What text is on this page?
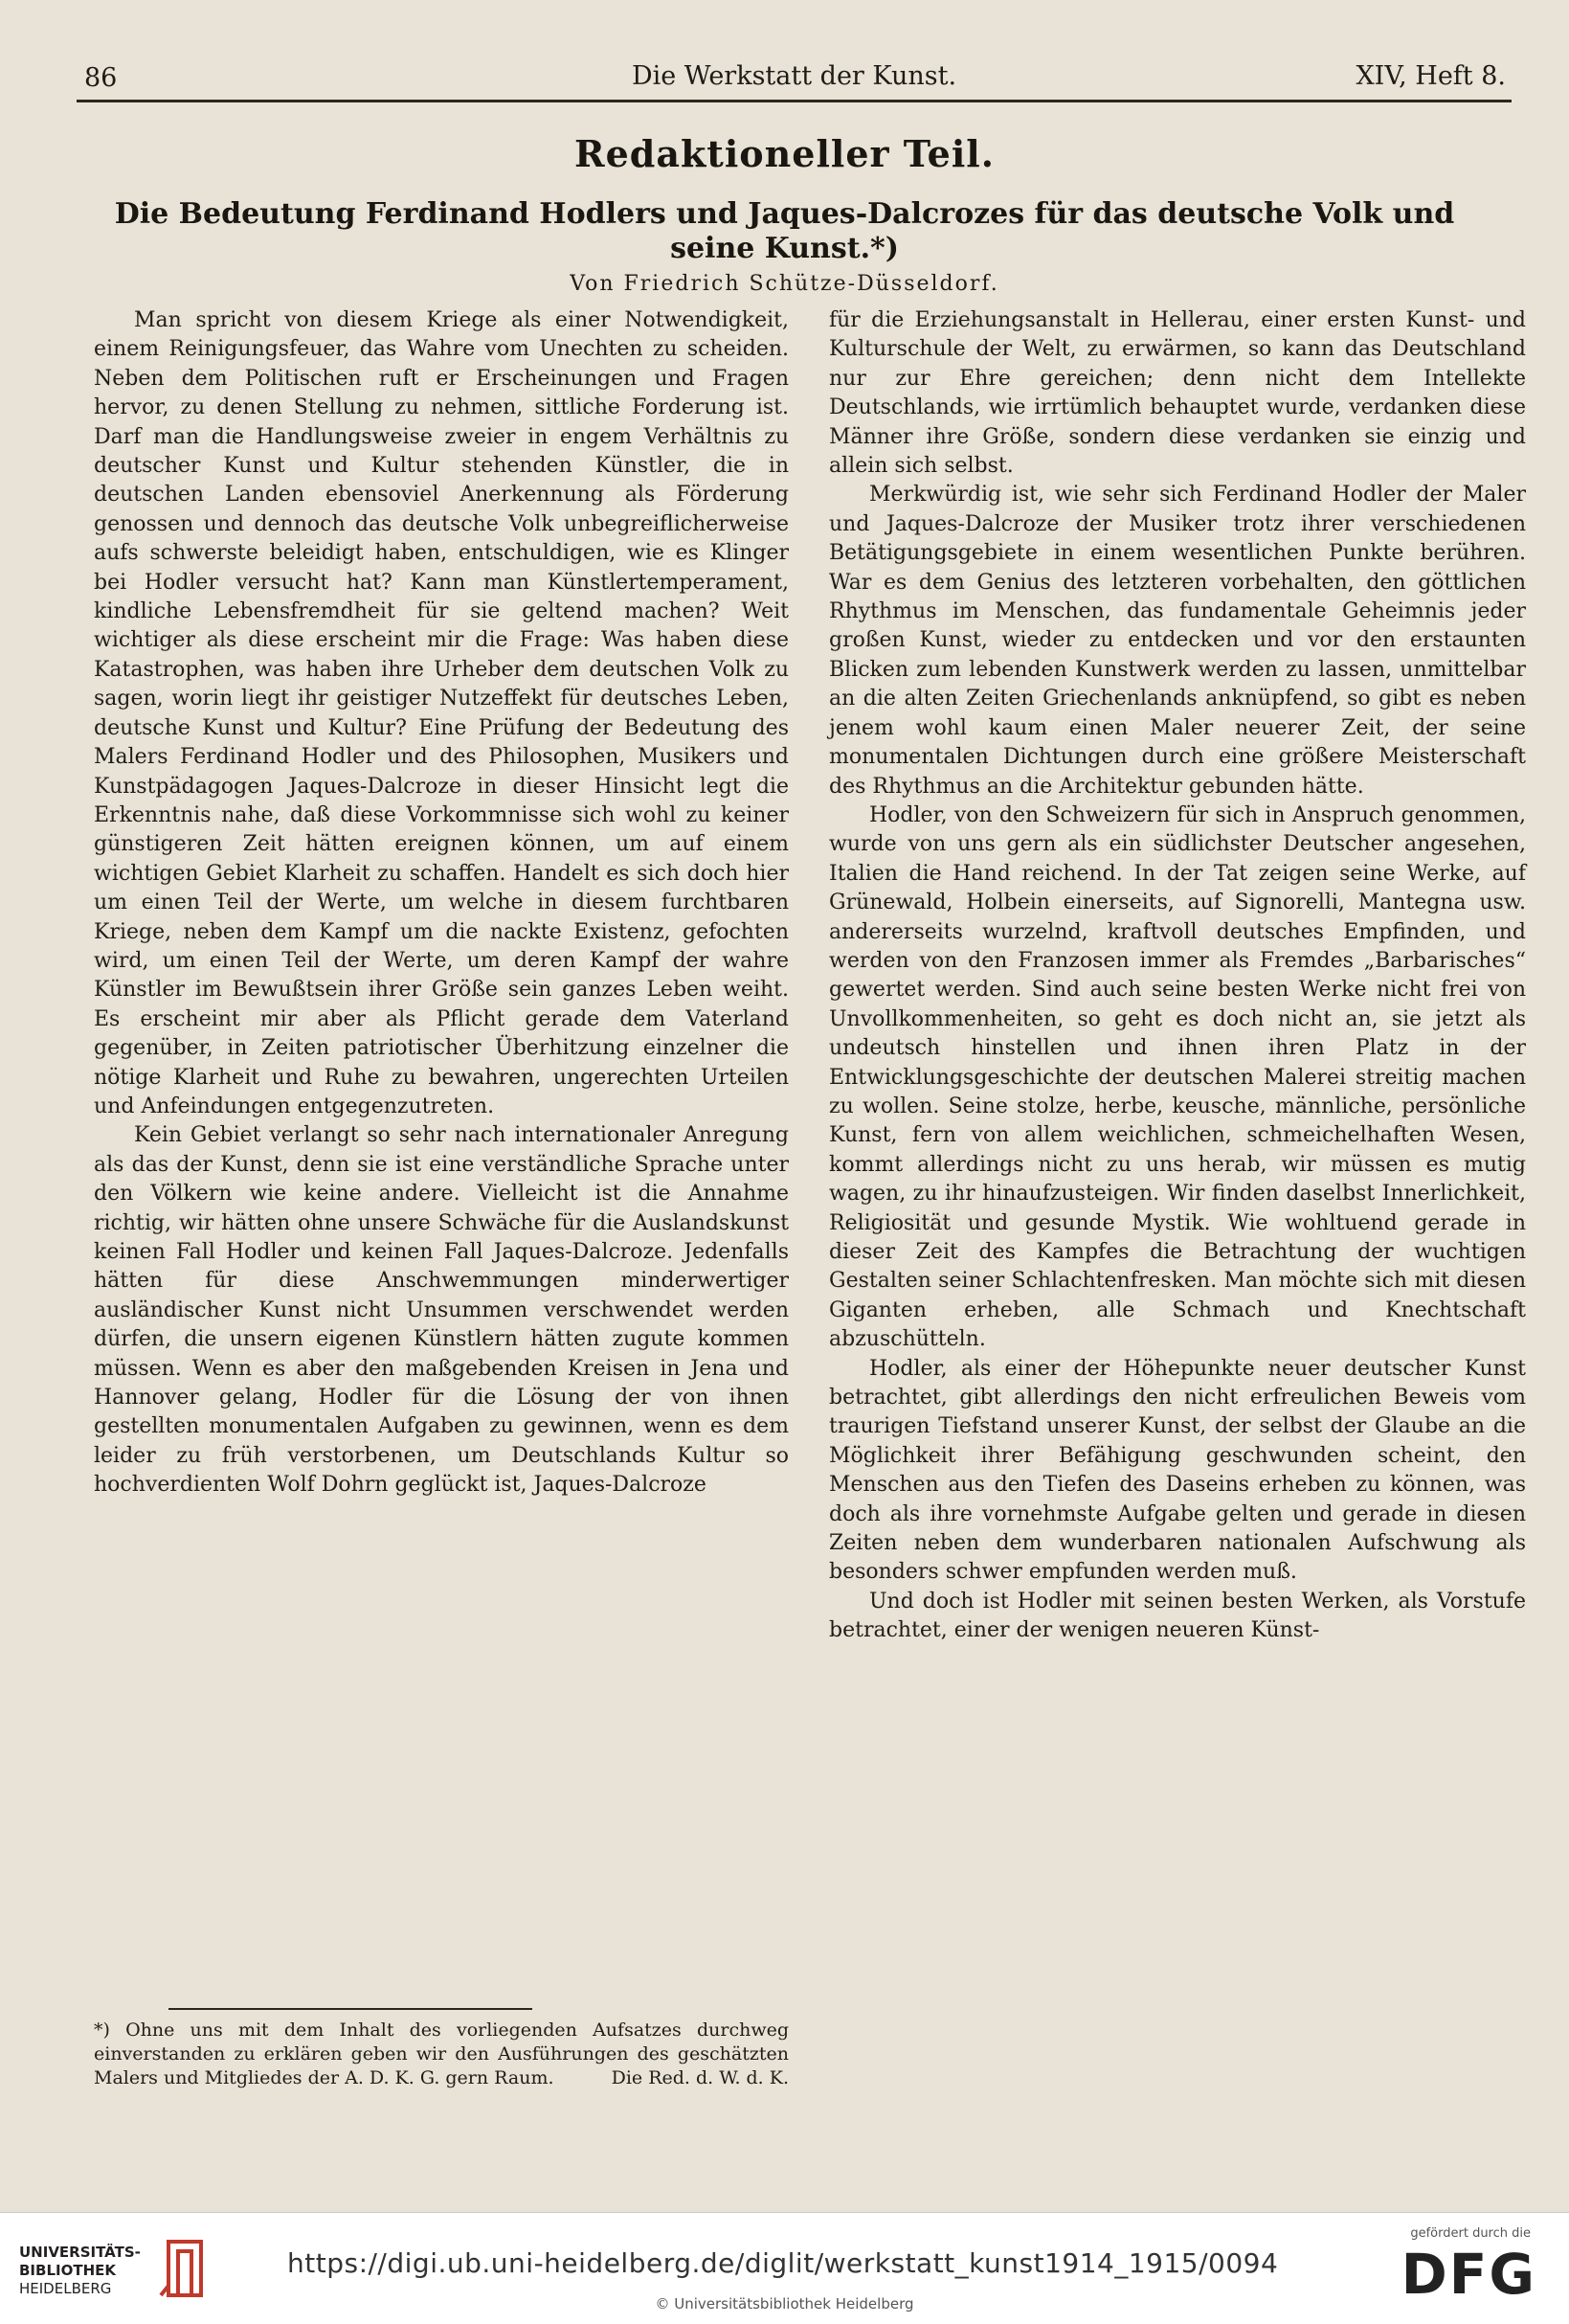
86	Die Werkstatt der Kunst.	XIV, Heft 8.
Redaktioneller Teil.
Die Bedeutung Ferdinand Hodlers und Jaques-Dalcrozes für das deutsche Volk und seine Kunst.*)
Von Friedrich Schütze-Düsseldorf.

Man spricht von diesem Kriege als einer Notwendigkeit, einem Reinigungsfeuer, das Wahre vom Unechten zu scheiden. Neben dem Politischen ruft er Erscheinungen und Fragen hervor, zu denen Stellung zu nehmen, sittliche Forderung ist. Darf man die Handlungsweise zweier in engem Verhältnis zu deutscher Kunst und Kultur stehenden Künstler, die in deutschen Landen ebensoviel Anerkennung als Förderung genossen und dennoch das deutsche Volk unbegreiflicherweise aufs schwerste beleidigt haben, entschuldigen, wie es Klinger bei Hodler versucht hat? Kann man Künstlertemperament, kindliche Lebensfremdheit für sie geltend machen? Weit wichtiger als diese erscheint mir die Frage: Was haben diese Katastrophen, was haben ihre Urheber dem deutschen Volk zu sagen, worin liegt ihr geistiger Nutzeffekt für deutsches Leben, deutsche Kunst und Kultur? Eine Prüfung der Bedeutung des Malers Ferdinand Hodler und des Philosophen, Musikers und Kunstpädagogen Jaques-Dalcroze in dieser Hinsicht legt die Erkenntnis nahe, daß diese Vorkommnisse sich wohl zu keiner günstigeren Zeit hätten ereignen können, um auf einem wichtigen Gebiet Klarheit zu schaffen. Handelt es sich doch hier um einen Teil der Werte, um welche in diesem furchtbaren Kriege, neben dem Kampf um die nackte Existenz, gefochten wird, um einen Teil der Werte, um deren Kampf der wahre Künstler im Bewußtsein ihrer Größe sein ganzes Leben weiht. Es erscheint mir aber als Pflicht gerade dem Vaterland gegenüber, in Zeiten patriotischer Überhitzung einzelner die nötige Klarheit und Ruhe zu bewahren, ungerechten Urteilen und Anfeindungen entgegenzutreten.

Kein Gebiet verlangt so sehr nach internationaler Anregung als das der Kunst, denn sie ist eine verständliche Sprache unter den Völkern wie keine andere. Vielleicht ist die Annahme richtig, wir hätten ohne unsere Schwäche für die Auslandskunst keinen Fall Hodler und keinen Fall Jaques-Dalcroze. Jedenfalls hätten für diese Anschwemmungen minderwertiger ausländischer Kunst nicht Unsummen verschwendet werden dürfen, die unsern eigenen Künstlern hätten zugute kommen müssen. Wenn es aber den maßgebenden Kreisen in Jena und Hannover gelang, Hodler für die Lösung der von ihnen gestellten monumentalen Aufgaben zu gewinnen, wenn es dem leider zu früh verstorbenen, um Deutschlands Kultur so hochverdienten Wolf Dohrn geglückt ist, Jaques-Dalcroze

für die Erziehungsanstalt in Hellerau, einer ersten Kunst- und Kulturschule der Welt, zu erwärmen, so kann das Deutschland nur zur Ehre gereichen; denn nicht dem Intellekte Deutschlands, wie irrtümlich behauptet wurde, verdanken diese Männer ihre Größe, sondern diese verdanken sie einzig und allein sich selbst.

Merkwürdig ist, wie sehr sich Ferdinand Hodler der Maler und Jaques-Dalcroze der Musiker trotz ihrer verschiedenen Betätigungsgebiete in einem wesentlichen Punkte berühren. War es dem Genius des letzteren vorbehalten, den göttlichen Rhythmus im Menschen, das fundamentale Geheimnis jeder großen Kunst, wieder zu entdecken und vor den erstaunten Blicken zum lebenden Kunstwerk werden zu lassen, unmittelbar an die alten Zeiten Griechenlands anknüpfend, so gibt es neben jenem wohl kaum einen Maler neuerer Zeit, der seine monumentalen Dichtungen durch eine größere Meisterschaft des Rhythmus an die Architektur gebunden hätte.

Hodler, von den Schweizern für sich in Anspruch genommen, wurde von uns gern als ein südlichster Deutscher angesehen, Italien die Hand reichend. In der Tat zeigen seine Werke, auf Grünewald, Holbein einerseits, auf Signorelli, Mantegna usw. andererseits wurzelnd, kraftvoll deutsches Empfinden, und werden von den Franzosen immer als Fremdes „Barbarisches“ gewertet werden. Sind auch seine besten Werke nicht frei von Unvollkommenheiten, so geht es doch nicht an, sie jetzt als undeutsch hinstellen und ihnen ihren Platz in der Entwicklungsgeschichte der deutschen Malerei streitig machen zu wollen. Seine stolze, herbe, keusche, männliche, persönliche Kunst, fern von allem weichlichen, schmeichelhaften Wesen, kommt allerdings nicht zu uns herab, wir müssen es mutig wagen, zu ihr hinaufzusteigen. Wir finden daselbst Innerlichkeit, Religiosität und gesunde Mystik. Wie wohltuend gerade in dieser Zeit des Kampfes die Betrachtung der wuchtigen Gestalten seiner Schlachtenfresken. Man möchte sich mit diesen Giganten erheben, alle Schmach und Knechtschaft abzuschütteln.

Hodler, als einer der Höhepunkte neuer deutscher Kunst betrachtet, gibt allerdings den nicht erfreulichen Beweis vom traurigen Tiefstand unserer Kunst, der selbst der Glaube an die Möglichkeit ihrer Befähigung geschwunden scheint, den Menschen aus den Tiefen des Daseins erheben zu können, was doch als ihre vornehmste Aufgabe gelten und gerade in diesen Zeiten neben dem wunderbaren nationalen Aufschwung als besonders schwer empfunden werden muß.

Und doch ist Hodler mit seinen besten Werken, als Vorstufe betrachtet, einer der wenigen neueren Künst-

*) Ohne uns mit dem Inhalt des vorliegenden Aufsatzes durchweg einverstanden zu erklären geben wir den Ausführungen des geschätzten Malers und Mitgliedes der A. D. K. G. gern Raum.	Die Red. d. W. d. K.
UNIVERSITÄTS-
BIBLIOTHEK
HEIDELBERG
https://digi.ub.uni-heidelberg.de/diglit/werkstatt_kunst1914_1915/0094
© Universitätsbibliothek Heidelberg
gefördert durch die
DFG
